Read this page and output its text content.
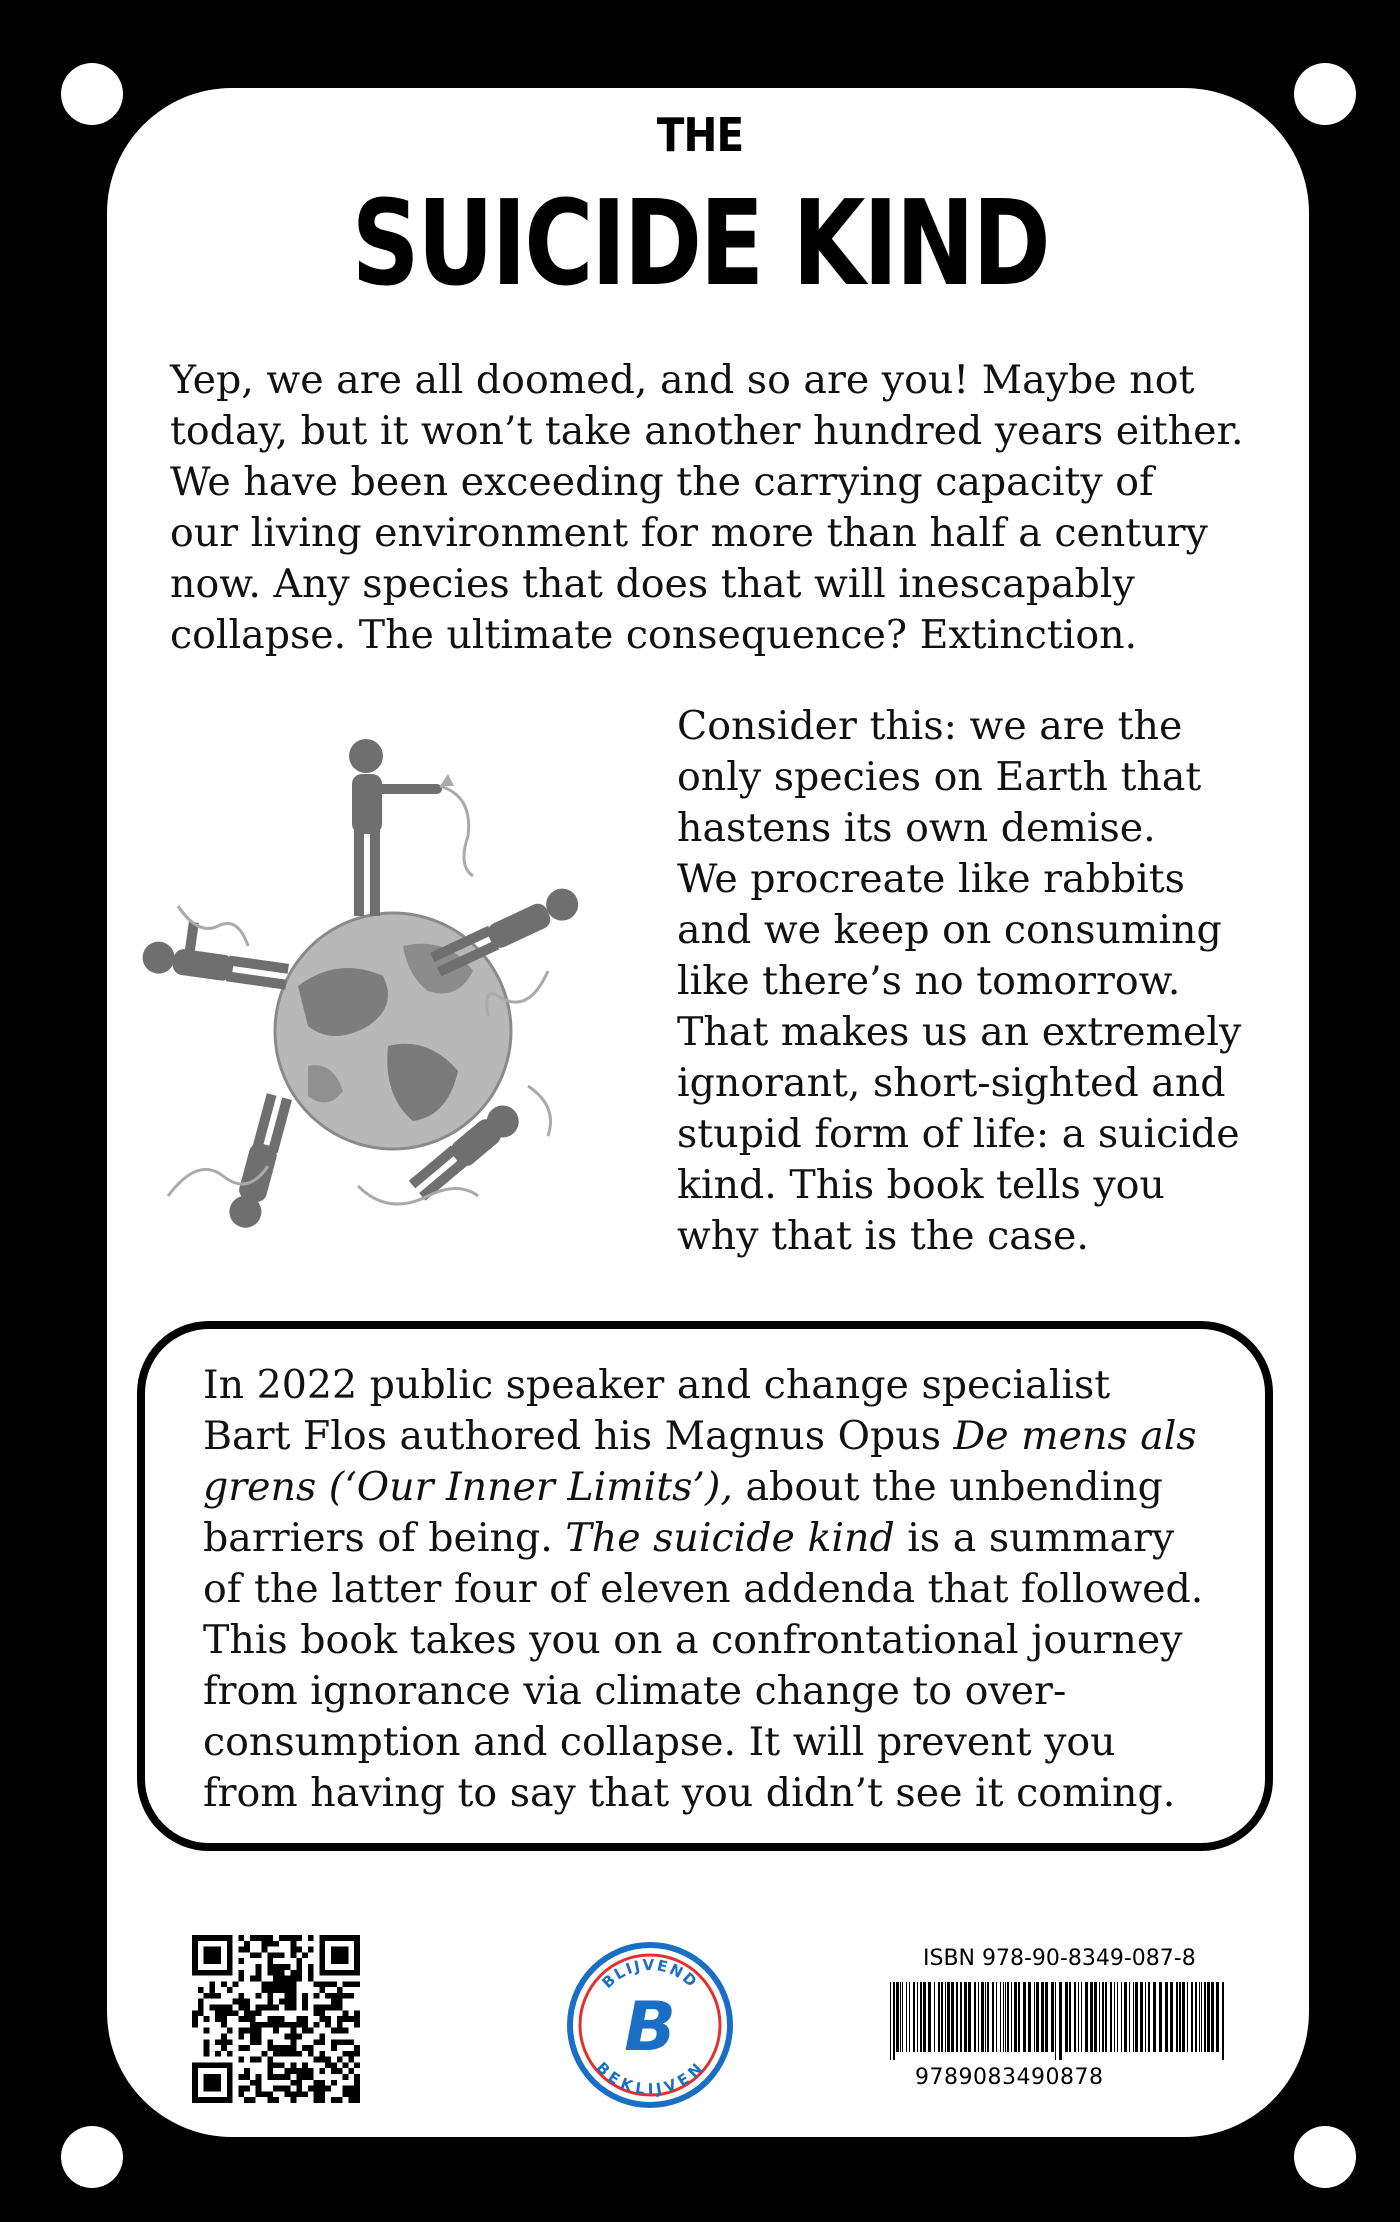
THE
SUICIDE KIND

Yep, we are all doomed, and so are you! Maybe not
today, but it won’t take another hundred years either.
We have been exceeding the carrying capacity of
our living environment for more than half a century
now. Any species that does that will inescapably
collapse. The ultimate consequence? Extinction.

Consider this: we are the
only species on Earth that
hastens its own demise.
We procreate like rabbits
and we keep on consuming
like there’s no tomorrow.
That makes us an extremely
ignorant, short-sighted and
stupid form of life: a suicide
kind. This book tells you
why that is the case.

In 2022 public speaker and change specialist
Bart Flos authored his Magnus Opus De mens als
grens (‘Our Inner Limits’), about the unbending
barriers of being. The suicide kind is a summary
of the latter four of eleven addenda that followed.
This book takes you on a confrontational journey
from ignorance via climate change to over-
consumption and collapse. It will prevent you
from having to say that you didn’t see it coming.

BLIJVEND
BEKLIJVEN
B
ISBN 978-90-8349-087-8
9789083490878
